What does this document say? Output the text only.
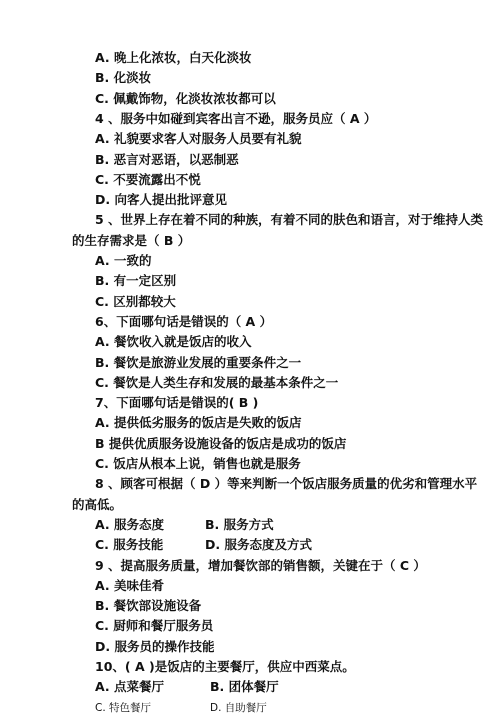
A. 晚上化浓妆，白天化淡妆
B. 化淡妆
C. 佩戴饰物，化淡妆浓妆都可以
4 、服务中如碰到宾客出言不逊，服务员应（ A ）
A. 礼貌要求客人对服务人员要有礼貌
B. 恶言对恶语，以恶制恶
C. 不要流露出不悦
D. 向客人提出批评意见
5 、世界上存在着不同的种族，有着不同的肤色和语言，对于维持人类
的生存需求是（ B ）
A. 一致的
B. 有一定区别
C. 区别都较大
6、下面哪句话是错误的（ A ）
A. 餐饮收入就是饭店的收入
B. 餐饮是旅游业发展的重要条件之一
C. 餐饮是人类生存和发展的最基本条件之一
7、下面哪句话是错误的( B )
A. 提供低劣服务的饭店是失败的饭店
B 提供优质服务设施设备的饭店是成功的饭店
C. 饭店从根本上说，销售也就是服务
8 、顾客可根据（ D ）等来判断一个饭店服务质量的优劣和管理水平
的高低。
A. 服务态度	B. 服务方式
C. 服务技能	D. 服务态度及方式
9 、提高服务质量，增加餐饮部的销售额，关键在于（ C ）
A. 美味佳肴
B. 餐饮部设施设备
C. 厨师和餐厅服务员
D. 服务员的操作技能
10、( A )是饭店的主要餐厅，供应中西菜点。
A. 点菜餐厅	B. 团体餐厅
C. 特色餐厅	D. 自助餐厅
